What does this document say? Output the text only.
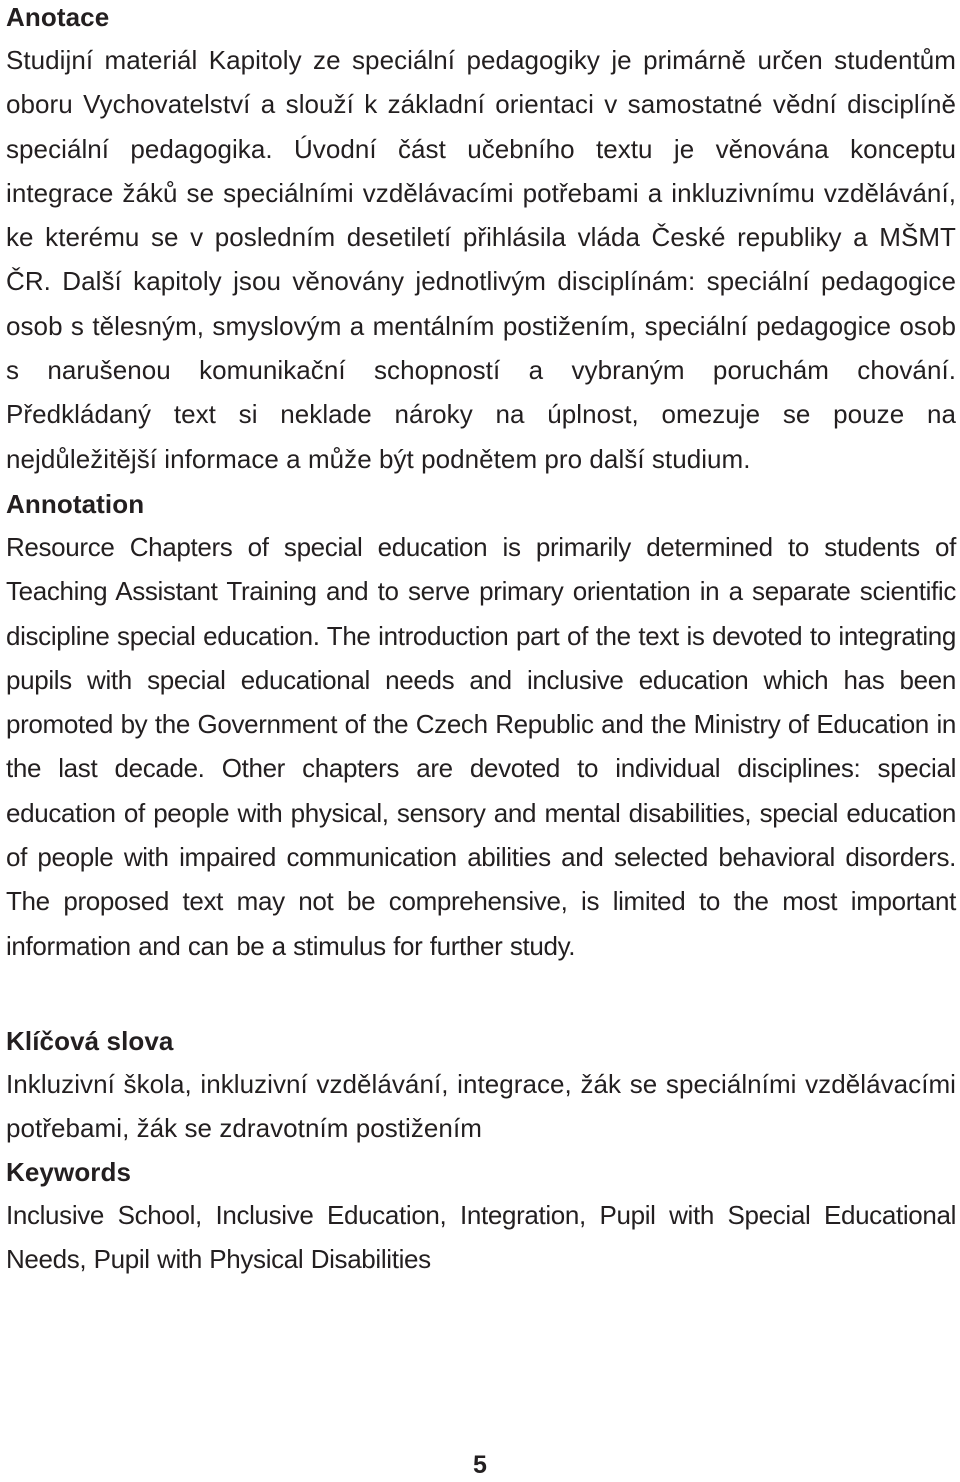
Anotace

Studijní materiál Kapitoly ze speciální pedagogiky je primárně určen studentům oboru Vychovatelství a slouží k základní orientaci v samostatné vědní disciplíně speciální pedagogika. Úvodní část učebního textu je věnována konceptu integrace žáků se speciálními vzdělávacími potřebami a inkluzivnímu vzdělávání, ke kterému se v posledním desetiletí přihlásila vláda České republiky a MŠMT ČR. Další kapitoly jsou věnovány jednotlivým disciplínám: speciální pedagogice osob s tělesným, smyslovým a mentálním postižením, speciální pedagogice osob s narušenou komunikační schopností a vybraným poruchám chování. Předkládaný text si neklade nároky na úplnost, omezuje se pouze na nejdůležitější informace a může být podnětem pro další studium.

Annotation

Resource Chapters of special education is primarily determined to students of Teaching Assistant Training and to serve primary orientation in a separate scientific discipline special education. The introduction part of the text is devoted to integrating pupils with special educational needs and inclusive education which has been promoted by the Government of the Czech Republic and the Ministry of Education in the last decade. Other chapters are devoted to individual disciplines: special education of people with physical, sensory and mental disabilities, special education of people with impaired communication abilities and selected behavioral disorders. The proposed text may not be comprehensive, is limited to the most important information and can be a stimulus for further study.

Klíčová slova

Inkluzivní škola, inkluzivní vzdělávání, integrace, žák se speciálními vzdělávacími potřebami, žák se zdravotním postižením

Keywords

Inclusive School, Inclusive Education, Integration, Pupil with Special Educational Needs, Pupil with Physical Disabilities

5
